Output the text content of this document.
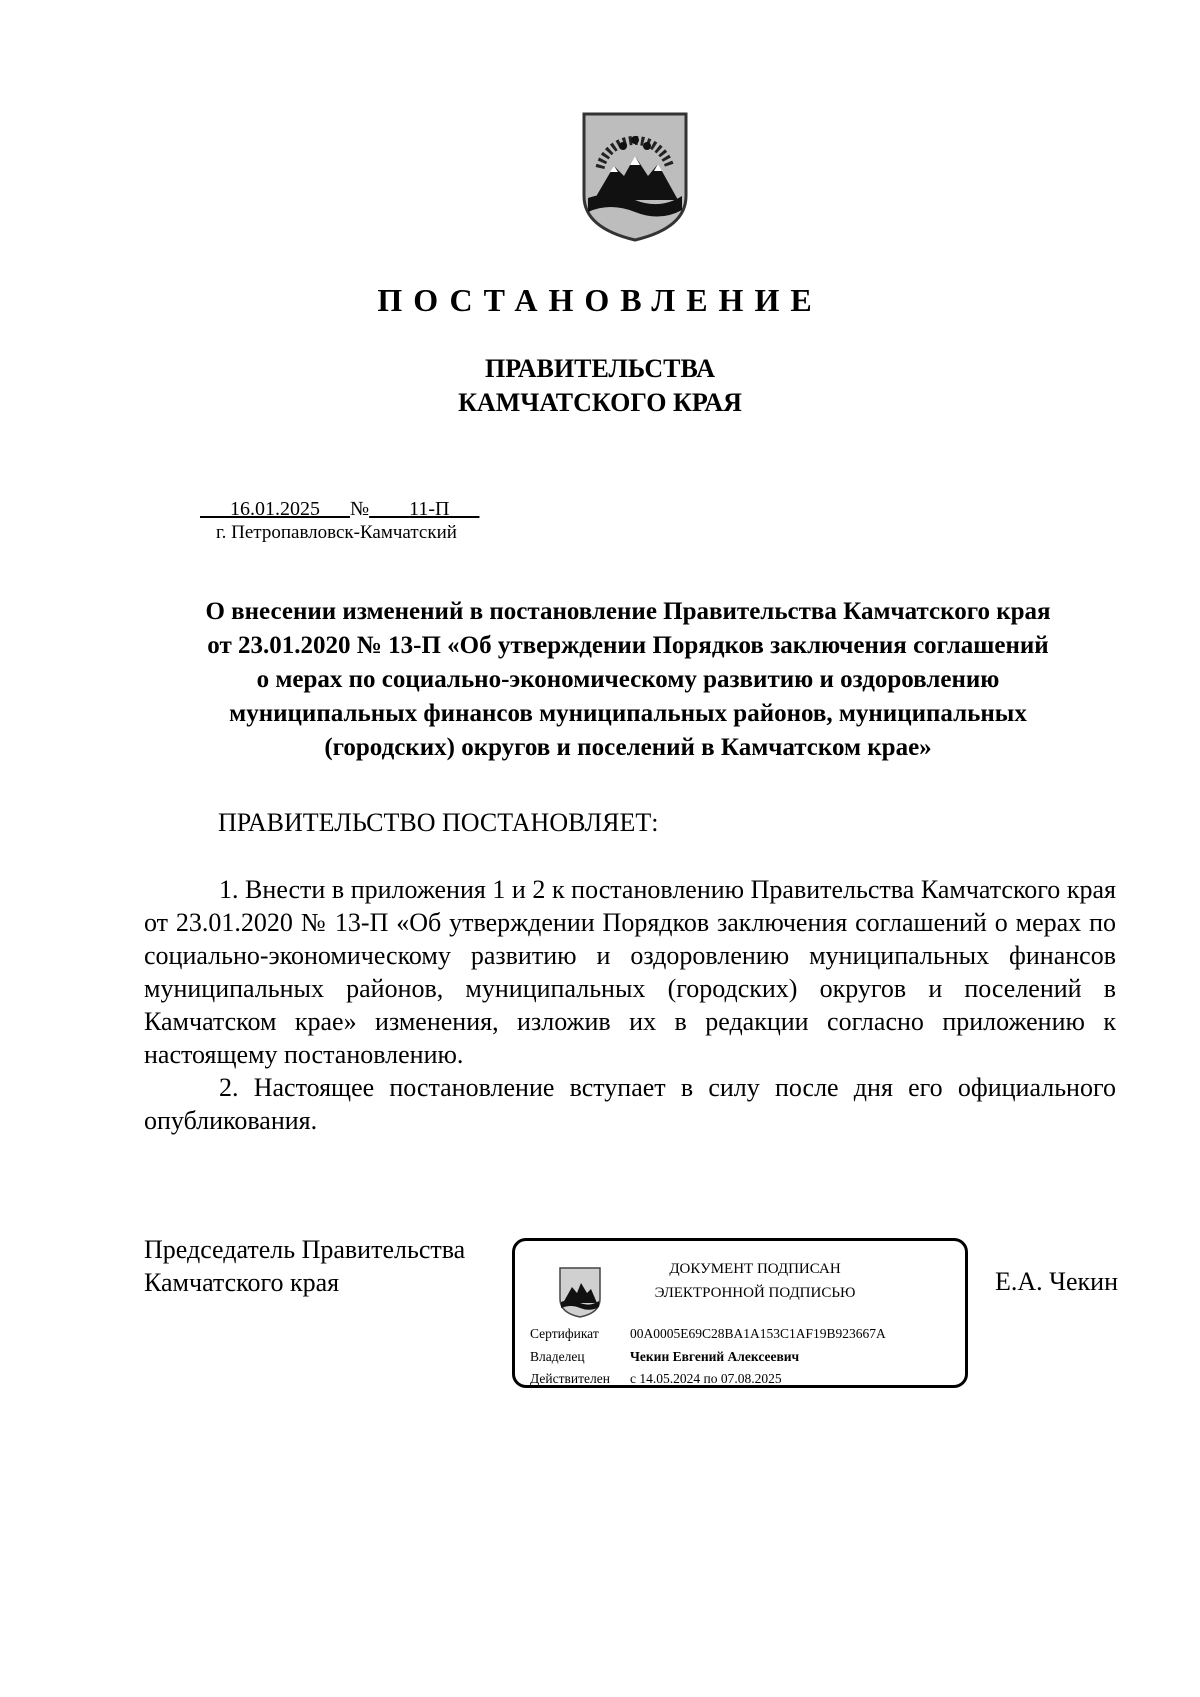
ПОСТАНОВЛЕНИЕ
ПРАВИТЕЛЬСТВА
КАМЧАТСКОГО КРАЯ
16.01.2025 № 11-П
г. Петропавловск-Камчатский
О внесении изменений в постановление Правительства Камчатского края
от 23.01.2020 № 13-П «Об утверждении Порядков заключения соглашений
о мерах по социально-экономическому развитию и оздоровлению
муниципальных финансов муниципальных районов, муниципальных
(городских) округов и поселений в Камчатском крае»
ПРАВИТЕЛЬСТВО ПОСТАНОВЛЯЕТ:

1. Внести в приложения 1 и 2 к постановлению Правительства Камчатского края от 23.01.2020 № 13-П «Об утверждении Порядков заключения соглашений о мерах по социально-экономическому развитию и оздоровлению муниципальных финансов муниципальных районов, муниципальных (городских) округов и поселений в Камчатском крае» изменения, изложив их в редакции согласно приложению к настоящему постановлению.

2. Настоящее постановление вступает в силу после дня его официального опубликования.

Председатель Правительства
Камчатского края	ДОКУМЕНТ ПОДПИСАН
ЭЛЕКТРОННОЙ ПОДПИСЬЮ
Сертификат 00A0005E69C28BA1A153C1AF19B923667A
Владелец	Чекин Евгений Алексеевич
Действителен с 14.05.2024 по 07.08.2025
Е.А. Чекин
